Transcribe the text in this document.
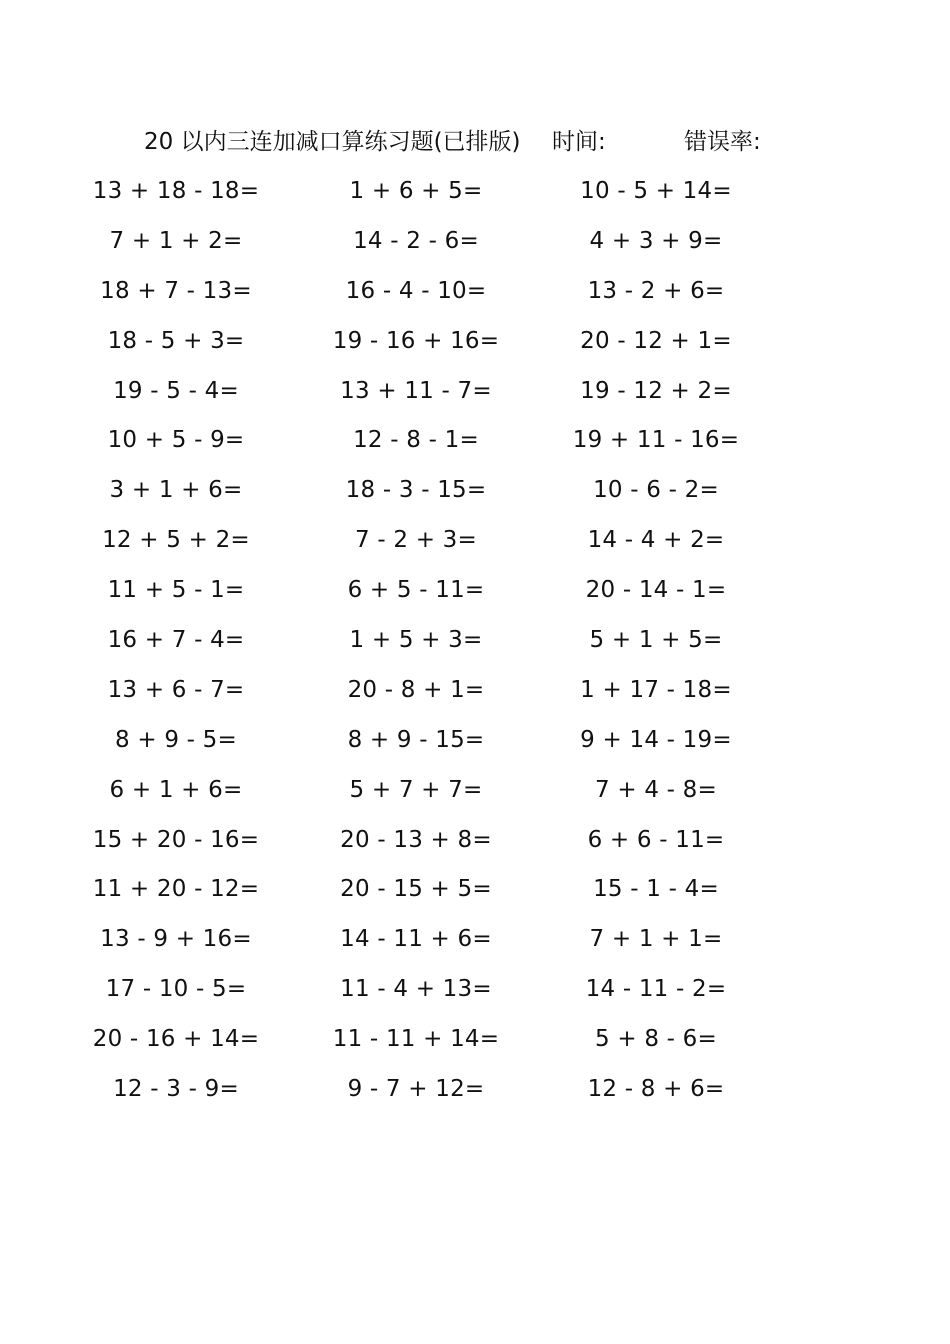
20 以内三连加减口算练习题(已排版) 时间:	错误率:
13 + 18 - 18=
7 + 1 + 2=
18 + 7 - 13=
18 - 5 + 3=
19 - 5 - 4=
10 + 5 - 9=
3 + 1 + 6=
12 + 5 + 2=
11 + 5 - 1=
16 + 7 - 4=
13 + 6 - 7=
8 + 9 - 5=
6 + 1 + 6=
15 + 20 - 16=
11 + 20 - 12=
13 - 9 + 16=
17 - 10 - 5=
20 - 16 + 14=
12 - 3 - 9=
1 + 6 + 5=
14 - 2 - 6=
16 - 4 - 10=
19 - 16 + 16=
13 + 11 - 7=
12 - 8 - 1=
18 - 3 - 15=
7 - 2 + 3=
6 + 5 - 11=
1 + 5 + 3=
20 - 8 + 1=
8 + 9 - 15=
5 + 7 + 7=
20 - 13 + 8=
20 - 15 + 5=
14 - 11 + 6=
11 - 4 + 13=
11 - 11 + 14=
9 - 7 + 12=
10 - 5 + 14=
4 + 3 + 9=
13 - 2 + 6=
20 - 12 + 1=
19 - 12 + 2=
19 + 11 - 16=
10 - 6 - 2=
14 - 4 + 2=
20 - 14 - 1=
5 + 1 + 5=
1 + 17 - 18=
9 + 14 - 19=
7 + 4 - 8=
6 + 6 - 11=
15 - 1 - 4=
7 + 1 + 1=
14 - 11 - 2=
5 + 8 - 6=
12 - 8 + 6=
